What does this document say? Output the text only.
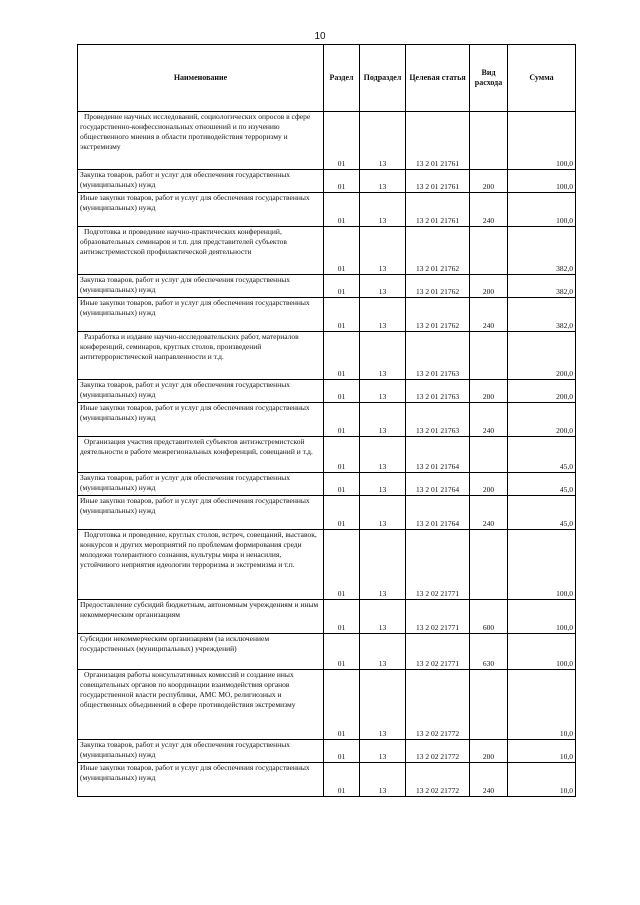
10
Наименование	Раздел	Подраздел	Целевая статья	Вид расхода	Сумма
Проведение научных исследований, социологических опросов в сфере государственно-конфессиональных отношений и по изучению общественного мнения в области противодействия терроризму и экстремизму	01	13	13 2 01 21761		100,0
Закупка товаров, работ и услуг для обеспечения государственных (муниципальных) нужд	01	13	13 2 01 21761	200	100,0
Иные закупки товаров, работ и услуг для обеспечения государственных (муниципальных) нужд	01	13	13 2 01 21761	240	100,0
Подготовка и проведение научно-практических конференций, образовательных семинаров и т.п. для представителей субъектов антиэкстремистской профилактической деятельности	01	13	13 2 01 21762		382,0
Закупка товаров, работ и услуг для обеспечения государственных (муниципальных) нужд	01	13	13 2 01 21762	200	382,0
Иные закупки товаров, работ и услуг для обеспечения государственных (муниципальных) нужд	01	13	13 2 01 21762	240	382,0
Разработка и издание научно-исследовательских работ, материалов конференций, семинаров, круглых столов, произведений антитеррористической направленности и т.д.	01	13	13 2 01 21763		200,0
Закупка товаров, работ и услуг для обеспечения государственных (муниципальных) нужд	01	13	13 2 01 21763	200	200,0
Иные закупки товаров, работ и услуг для обеспечения государственных (муниципальных) нужд	01	13	13 2 01 21763	240	200,0
Организация участия представителей субъектов антиэкстремистской деятельности в работе межрегиональных конференций, совещаний и т.д.	01	13	13 2 01 21764		45,0
Закупка товаров, работ и услуг для обеспечения государственных (муниципальных) нужд	01	13	13 2 01 21764	200	45,0
Иные закупки товаров, работ и услуг для обеспечения государственных (муниципальных) нужд	01	13	13 2 01 21764	240	45,0
Подготовка и проведение, круглых столов, встреч, совещаний, выставок, конкурсов и других мероприятий по проблемам формирования среди молодежи толерантного сознания, культуры мира и ненасилия, устойчивого неприятия идеологии терроризма и экстремизма и т.п.	01	13	13 2 02 21771		100,0
Предоставление субсидий бюджетным, автономным учреждениям и иным некоммерческим организациям	01	13	13 2 02 21771	600	100,0
Субсидии некоммерческим организациям (за исключением государственных (муниципальных) учреждений)	01	13	13 2 02 21771	630	100,0
Организация работы консультативных комиссий и создание иных совещательных органов по координации взаимодействия органов государственной власти республики, АМС МО, религиозных и общественных объединений в сфере противодействия экстремизму	01	13	13 2 02 21772		10,0
Закупка товаров, работ и услуг для обеспечения государственных (муниципальных) нужд	01	13	13 2 02 21772	200	10,0
Иные закупки товаров, работ и услуг для обеспечения государственных (муниципальных) нужд	01	13	13 2 02 21772	240	10,0
